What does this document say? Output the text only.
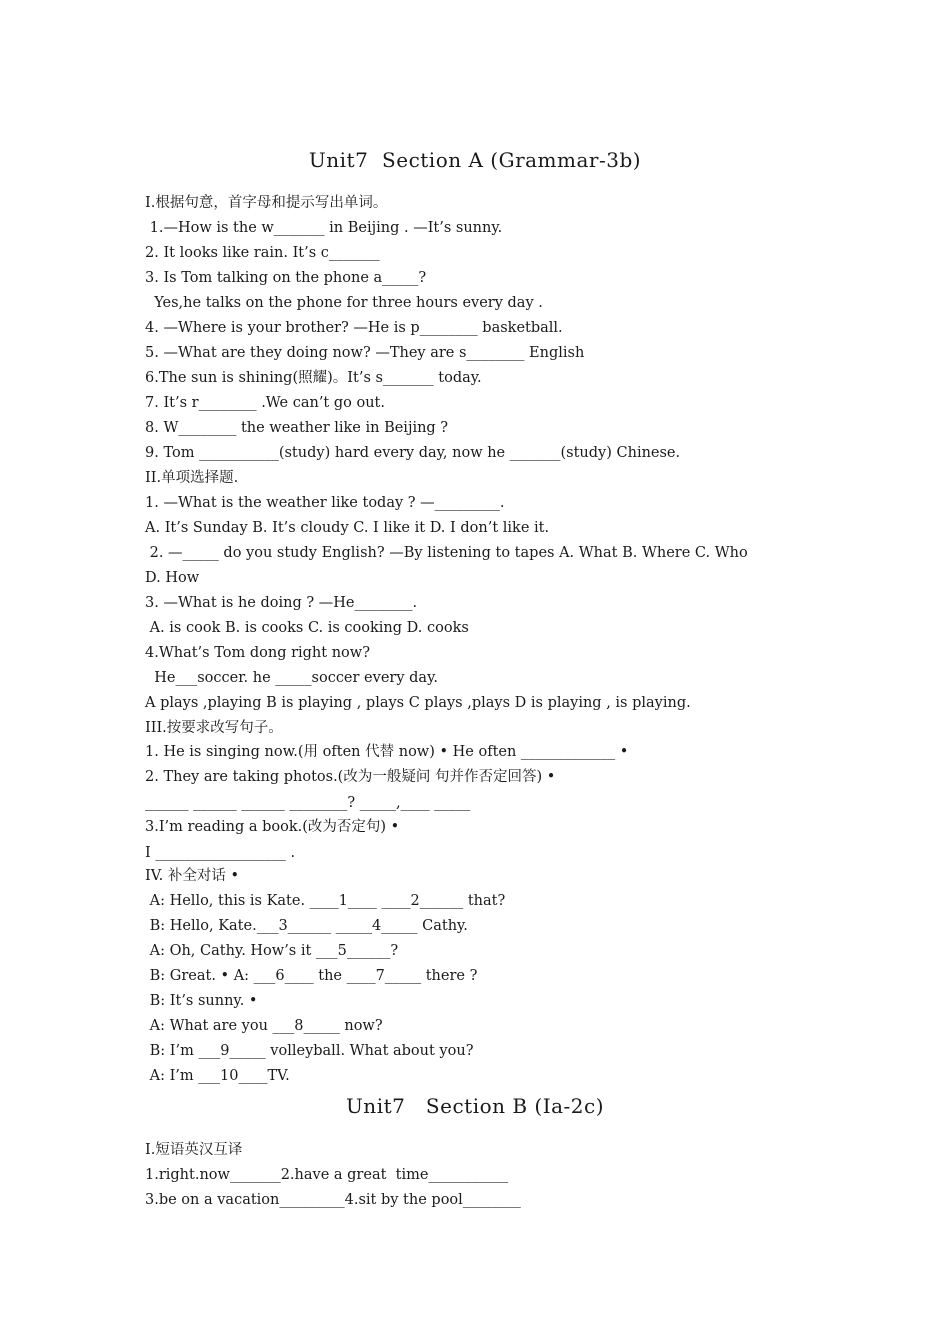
Unit7  Section A (Grammar-3b)
I.根据句意，首字母和提示写出单词。
1.—How is the w_______ in Beijing . —It’s sunny.
2. It looks like rain. It’s c_______
3. Is Tom talking on the phone a_____?
Yes,he talks on the phone for three hours every day .
4. —Where is your brother? —He is p________ basketball.
5. —What are they doing now? —They are s________ English
6.The sun is shining(照耀)。It’s s_______ today.
7. It’s r________ .We can’t go out.
8. W________ the weather like in Beijing ?
9. Tom ___________(study) hard every day, now he _______(study) Chinese.
II.单项选择题.
1. —What is the weather like today ? —_________.
A. It’s Sunday B. It’s cloudy C. I like it D. I don’t like it.
2. —_____ do you study English? —By listening to tapes A. What B. Where C. Who
D. How
3. —What is he doing ? —He________.
A. is cook B. is cooks C. is cooking D. cooks
4.What’s Tom dong right now?
He___soccer. he _____soccer every day.
A plays ,playing B is playing , plays C plays ,plays D is playing , is playing.
III.按要求改写句子。
1. He is singing now.(用 often 代替 now) • He often _____________ •
2. They are taking photos.(改为一般疑问 句并作否定回答) •
______ ______ ______ ________? _____,____ _____
3.I’m reading a book.(改为否定句) •
I __________________ .
IV. 补全对话 •
A: Hello, this is Kate. ____1____ ____2______ that?
B: Hello, Kate.___3______ _____4_____ Cathy.
A: Oh, Cathy. How’s it ___5______?
B: Great. • A: ___6____ the ____7_____ there ?
B: It’s sunny. •
A: What are you ___8_____ now?
B: I’m ___9_____ volleyball. What about you?
A: I’m ___10____TV.
Unit7   Section B (Ia-2c)
I.短语英汉互译
1.right.now_______2.have a great  time___________
3.be on a vacation_________4.sit by the pool________
